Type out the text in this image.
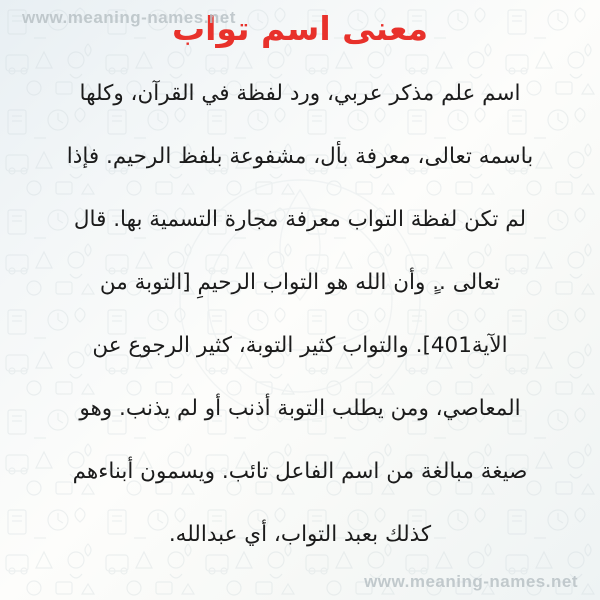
www.meaning-names.net
معنى اسم تواب
اسم علم مذكر عربي، ورد لفظة في القرآن، وكلها
باسمه تعالى، معرفة بأل، مشفوعة بلفظ الرحيم. فإذا
لم تكن لفظة التواب معرفة مجارة التسمية بها. قال
تعالى ..ٍ وأن الله هو التواب الرحيمِ [التوبة من
الآية401]. والتواب كثير التوبة، كثير الرجوع عن
المعاصي، ومن يطلب التوبة أذنب أو لم يذنب. وهو
صيغة مبالغة من اسم الفاعل تائب. ويسمون أبناءهم
كذلك بعبد التواب، أي عبدالله.
www.meaning-names.net
